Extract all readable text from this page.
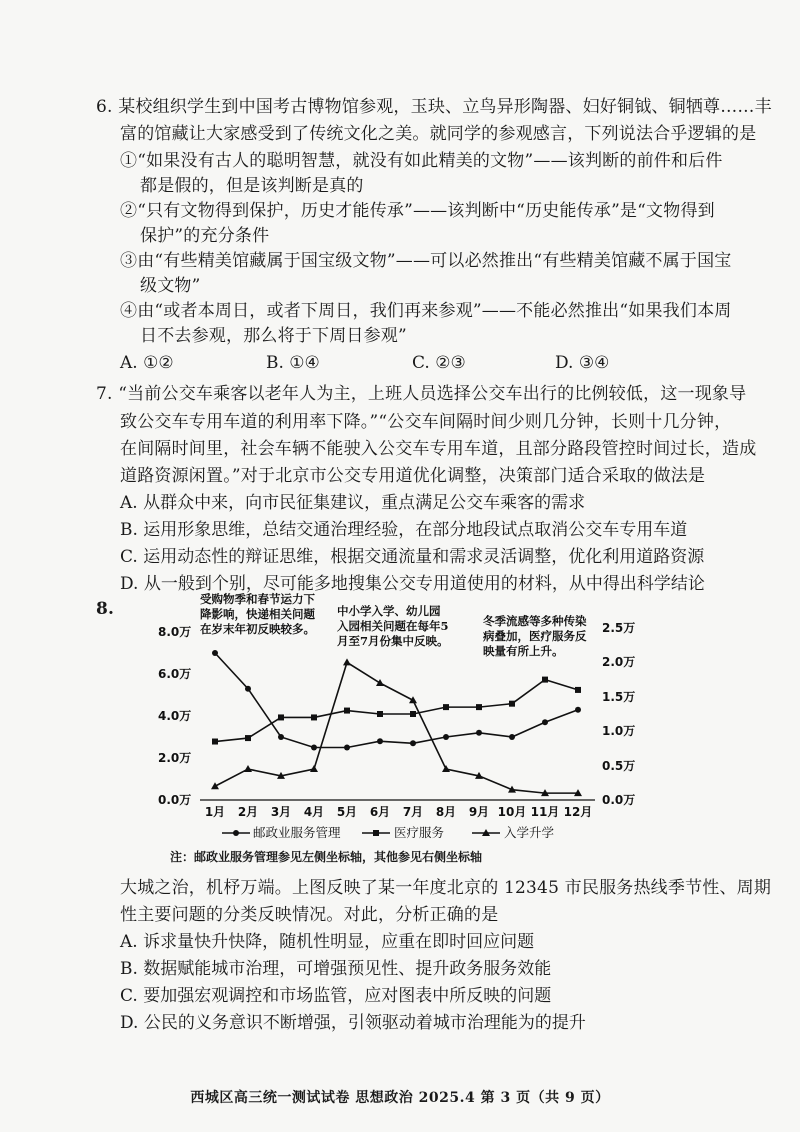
6. 某校组织学生到中国考古博物馆参观，玉玦、立鸟异形陶器、妇好铜钺、铜牺尊……丰
富的馆藏让大家感受到了传统文化之美。就同学的参观感言，下列说法合乎逻辑的是
①“如果没有古人的聪明智慧，就没有如此精美的文物”——该判断的前件和后件
都是假的，但是该判断是真的
②“只有文物得到保护，历史才能传承”——该判断中“历史能传承”是“文物得到
保护”的充分条件
③由“有些精美馆藏属于国宝级文物”——可以必然推出“有些精美馆藏不属于国宝
级文物”
④由“或者本周日，或者下周日，我们再来参观”——不能必然推出“如果我们本周
日不去参观，那么将于下周日参观”
A. ①②	B. ①④	C. ②③	D. ③④
7. “当前公交车乘客以老年人为主，上班人员选择公交车出行的比例较低，这一现象导
致公交车专用车道的利用率下降。”“公交车间隔时间少则几分钟，长则十几分钟，
在间隔时间里，社会车辆不能驶入公交车专用车道，且部分路段管控时间过长，造成
道路资源闲置。”对于北京市公交专用道优化调整，决策部门适合采取的做法是
A. 从群众中来，向市民征集建议，重点满足公交车乘客的需求
B. 运用形象思维，总结交通治理经验，在部分地段试点取消公交车专用车道
C. 运用动态性的辩证思维，根据交通流量和需求灵活调整，优化利用道路资源
D. 从一般到个别，尽可能多地搜集公交专用道使用的材料，从中得出科学结论
8.	受购物季和春节运力下
降影响，快递相关问题
在岁末年初反映较多。
中小学入学、幼儿园
入园相关问题在每年5
月至7月份集中反映。
冬季流感等多种传染
病叠加，医疗服务反
映量有所上升。
0.0万
2.0万
4.0万
6.0万
8.0万
0.0万
0.5万
1.0万
1.5万
2.0万
2.5万
1月 2月 3月 4月 5月 6月 7月 8月 9月 10月 11月 12月
邮政业服务管理	医疗服务	入学升学
注：邮政业服务管理参见左侧坐标轴，其他参见右侧坐标轴
大城之治，机杼万端。上图反映了某一年度北京的 12345 市民服务热线季节性、周期
性主要问题的分类反映情况。对此，分析正确的是
A. 诉求量快升快降，随机性明显，应重在即时回应问题
B. 数据赋能城市治理，可增强预见性、提升政务服务效能
C. 要加强宏观调控和市场监管，应对图表中所反映的问题
D. 公民的义务意识不断增强，引领驱动着城市治理能为的提升
西城区高三统一测试试卷 思想政治 2025.4 第 3 页（共 9 页）
